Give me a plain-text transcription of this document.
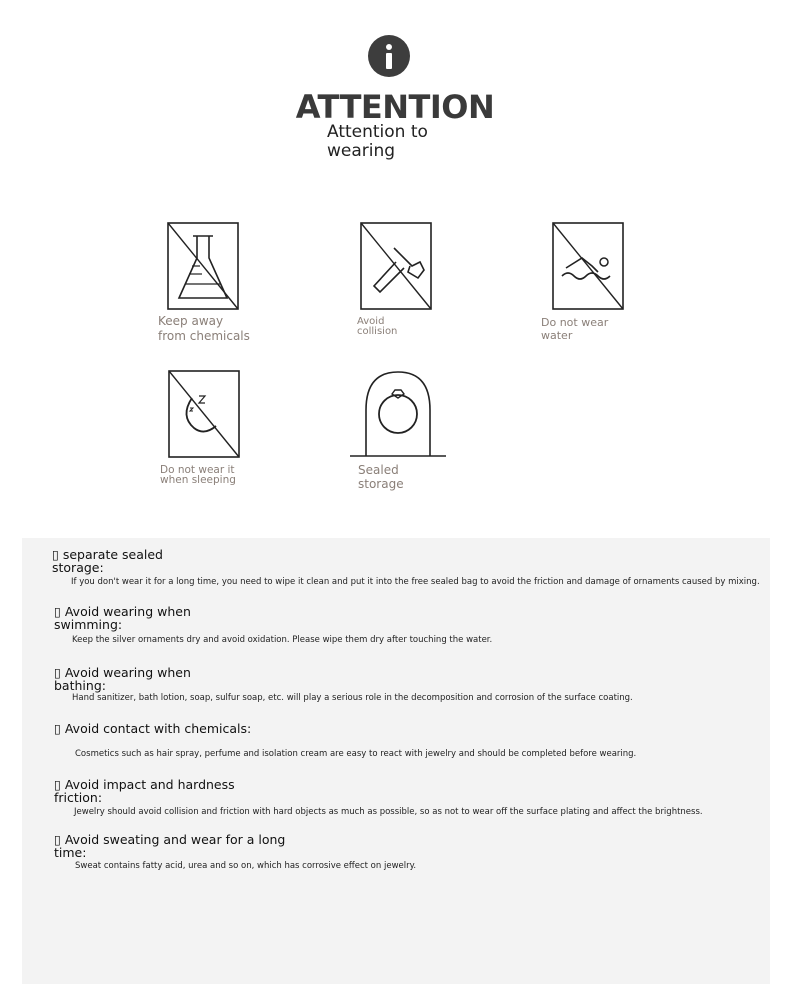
ATTENTION
Attention to wearing
Keep away
from chemicals
Avoid
collision
Do not wear
water
Do not wear it
when sleeping
Sealed
storage
▯ separate sealed
storage:
If you don't wear it for a long time, you need to wipe it clean and put it into the free sealed bag to avoid the friction and damage of ornaments caused by mixing.
▯ Avoid wearing when
swimming:
Keep the silver ornaments dry and avoid oxidation. Please wipe them dry after touching the water.
▯ Avoid wearing when
bathing:
Hand sanitizer, bath lotion, soap, sulfur soap, etc. will play a serious role in the decomposition and corrosion of the surface coating.
▯ Avoid contact with chemicals:
Cosmetics such as hair spray, perfume and isolation cream are easy to react with jewelry and should be completed before wearing.
▯ Avoid impact and hardness
friction:
Jewelry should avoid collision and friction with hard objects as much as possible, so as not to wear off the surface plating and affect the brightness.
▯ Avoid sweating and wear for a long
time:
Sweat contains fatty acid, urea and so on, which has corrosive effect on jewelry.
